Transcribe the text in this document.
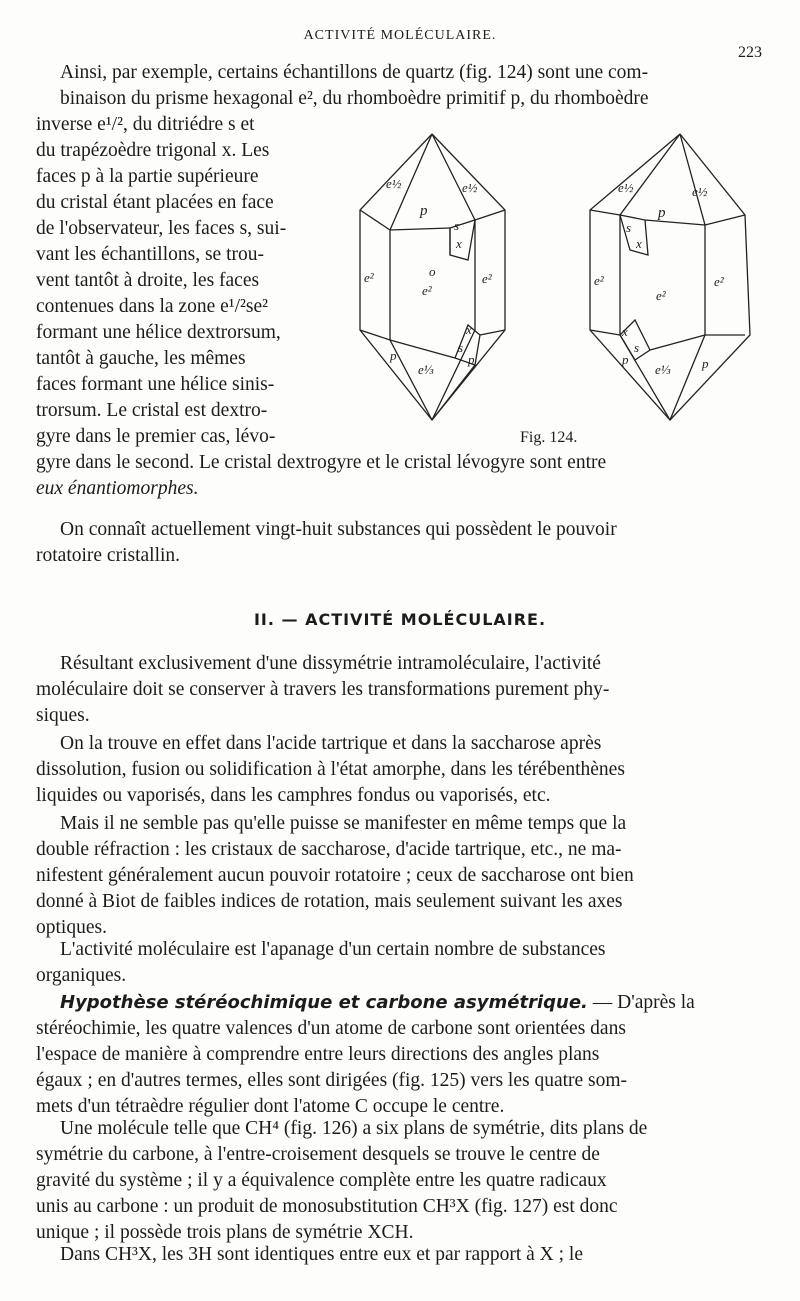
ACTIVITÉ MOLÉCULAIRE.
223
Ainsi, par exemple, certains échantillons de quartz (fig. 124) sont une com-
binaison du prisme hexagonal e², du rhomboèdre primitif p, du rhomboèdre
inverse e¹/², du ditriédre s et
du trapézoèdre trigonal x. Les
faces p à la partie supérieure
du cristal étant placées en face
de l'observateur, les faces s, sui-
vant les échantillons, se trou-
vent tantôt à droite, les faces
contenues dans la zone e¹/²se²
formant une hélice dextrorsum,
tantôt à gauche, les mêmes
faces formant une hélice sinis-
trorsum. Le cristal est dextro-
gyre dans le premier cas, lévo-
gyre dans le second. Le cristal dextrogyre et le cristal lévogyre sont entre
eux énantiomorphes.
e½	e½
p
s
x
e²	o
e²
e²
x
s
p
e⅓
p
e½	e½
p
s
x
e²
e²
e²
x
s
p
e⅓ p
Fig. 124.
On connaît actuellement vingt-huit substances qui possèdent le pouvoir
rotatoire cristallin.
II. — ACTIVITÉ MOLÉCULAIRE.
Résultant exclusivement d'une dissymétrie intramoléculaire, l'activité
moléculaire doit se conserver à travers les transformations purement phy-
siques.
On la trouve en effet dans l'acide tartrique et dans la saccharose après
dissolution, fusion ou solidification à l'état amorphe, dans les térébenthènes
liquides ou vaporisés, dans les camphres fondus ou vaporisés, etc.
Mais il ne semble pas qu'elle puisse se manifester en même temps que la
double réfraction : les cristaux de saccharose, d'acide tartrique, etc., ne ma-
nifestent généralement aucun pouvoir rotatoire ; ceux de saccharose ont bien
donné à Biot de faibles indices de rotation, mais seulement suivant les axes
optiques.
L'activité moléculaire est l'apanage d'un certain nombre de substances
organiques.
Hypothèse stéréochimique et carbone asymétrique. — D'après la
stéréochimie, les quatre valences d'un atome de carbone sont orientées dans
l'espace de manière à comprendre entre leurs directions des angles plans
égaux ; en d'autres termes, elles sont dirigées (fig. 125) vers les quatre som-
mets d'un tétraèdre régulier dont l'atome C occupe le centre.
Une molécule telle que CH⁴ (fig. 126) a six plans de symétrie, dits plans de
symétrie du carbone, à l'entre-croisement desquels se trouve le centre de
gravité du système ; il y a équivalence complète entre les quatre radicaux
unis au carbone : un produit de monosubstitution CH³X (fig. 127) est donc
unique ; il possède trois plans de symétrie XCH.
Dans CH³X, les 3H sont identiques entre eux et par rapport à X ; le
